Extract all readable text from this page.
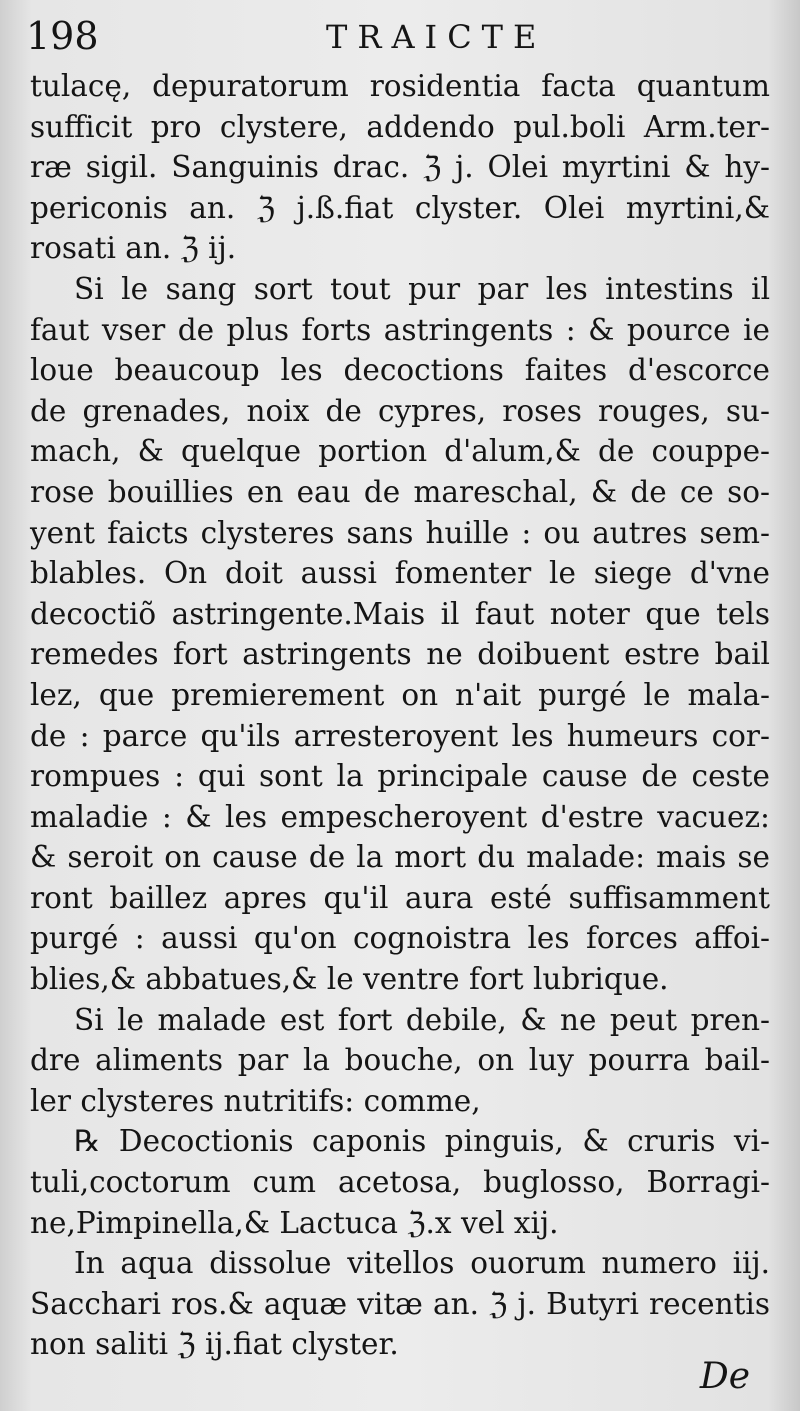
198	TRAICTE
tulacę, depuratorum rosidentia facta quantum
sufficit pro clystere, addendo pul.boli Arm.ter-
ræ sigil. Sanguinis drac. ℨ j. Olei myrtini & hy-
periconis an. ℨ j.ß.fiat clyster. Olei myrtini,&
rosati an. ℨ ij.
Si le sang sort tout pur par les intestins il
faut vser de plus forts astringents : & pource ie
loue beaucoup les decoctions faites d'escorce
de grenades, noix de cypres, roses rouges, su-
mach, & quelque portion d'alum,& de couppe-
rose bouillies en eau de mareschal, & de ce so-
yent faicts clysteres sans huille : ou autres sem-
blables. On doit aussi fomenter le siege d'vne
decoctiõ astringente.Mais il faut noter que tels
remedes fort astringents ne doibuent estre bail
lez, que premierement on n'ait purgé le mala-
de : parce qu'ils arresteroyent les humeurs cor-
rompues : qui sont la principale cause de ceste
maladie : & les empescheroyent d'estre vacuez:
& seroit on cause de la mort du malade: mais se
ront baillez apres qu'il aura esté suffisamment
purgé : aussi qu'on cognoistra les forces affoi-
blies,& abbatues,& le ventre fort lubrique.
Si le malade est fort debile, & ne peut pren-
dre aliments par la bouche, on luy pourra bail-
ler clysteres nutritifs: comme,
℞ Decoctionis caponis pinguis, & cruris vi-
tuli,coctorum cum acetosa, buglosso, Borragi-
ne,Pimpinella,& Lactuca ℨ.x vel xij.
In aqua dissolue vitellos ouorum numero iij.
Sacchari ros.& aquæ vitæ an. ℨ j. Butyri recentis
non saliti ℨ ij.fiat clyster.
De
